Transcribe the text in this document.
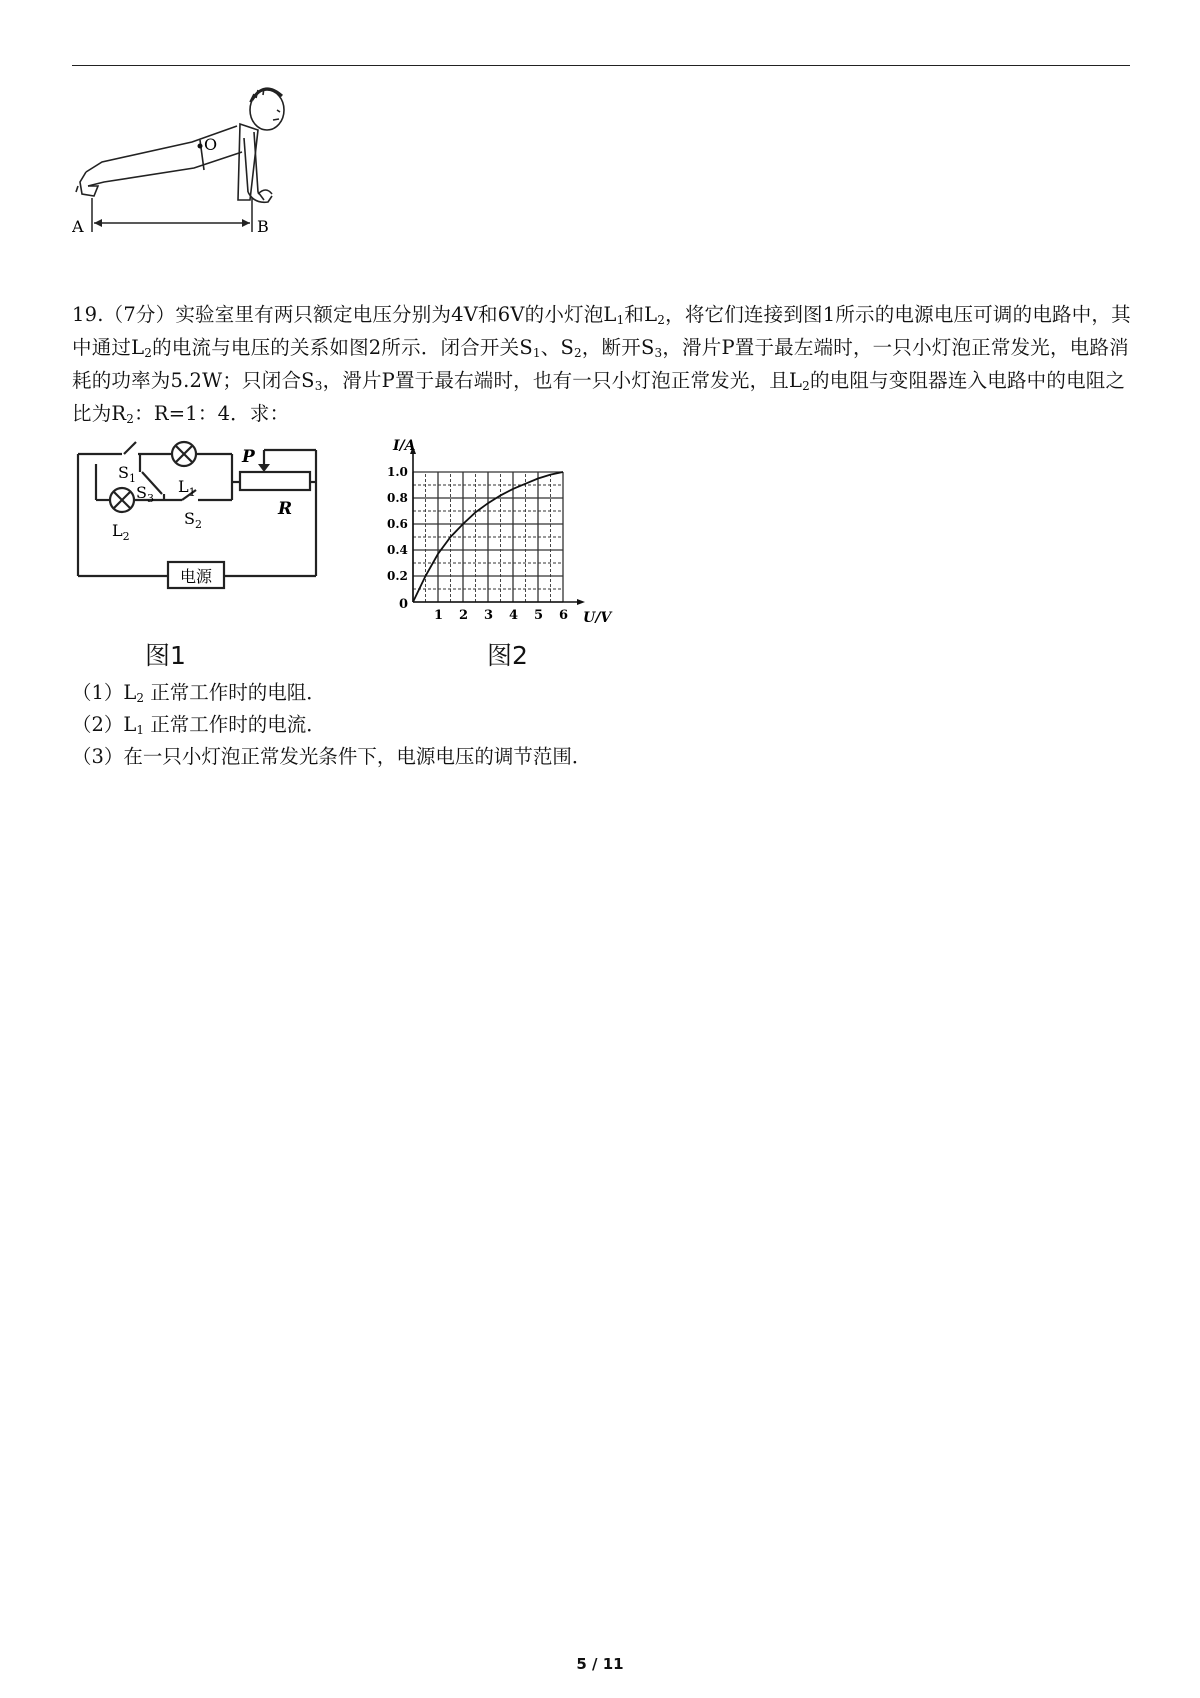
O
A	B
19.（7分）实验室里有两只额定电压分别为4V和6V的小灯泡$L_1$和$L_2$，将它们连接到图1所示的电源电压可调的电路中，其中通过$L_2$的电流与电压的关系如图2所示．闭合开关$S_1$、$S_2$，断开$S_3$，滑片P置于最左端时，一只小灯泡正常发光，电路消耗的功率为5.2W；只闭合$S_3$，滑片P置于最右端时，也有一只小灯泡正常发光，且$L_2$的电阻与变阻器连入电路中的电阻之比为$R_2$：R=1：4．求：
$S_1$
$S_3$
$L_1$
$L_2$
$S_2$
P
R
电源
图1
I/A
U/V
0
1 2 3 4 5 6
0.2
0.4
0.6
0.8
1.0
图2
$(1)L_2$ 正常工作时的电阻．
$(2)L_1$ 正常工作时的电流．
（3）在一只小灯泡正常发光条件下，电源电压的调节范围．
5 / 11
